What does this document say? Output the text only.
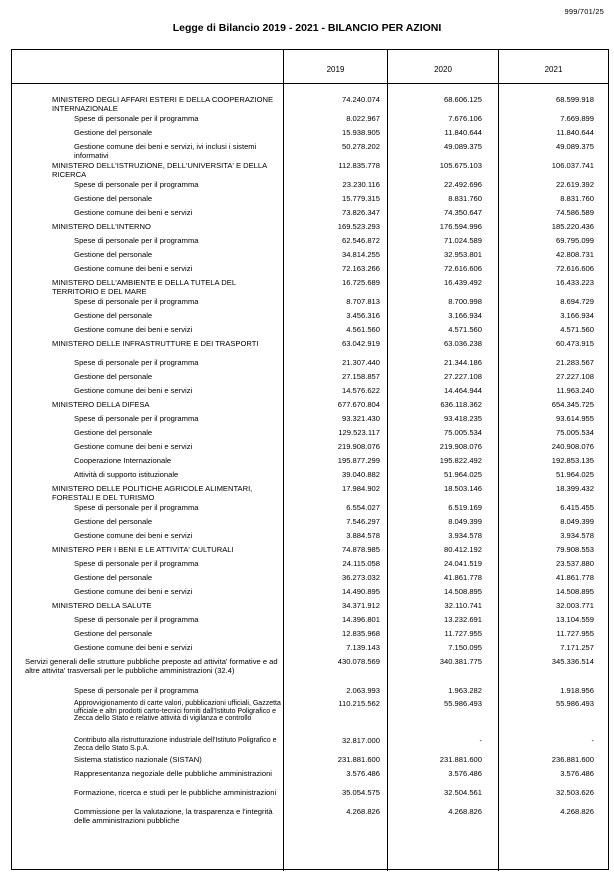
999/701/25
Legge di Bilancio 2019 - 2021 - BILANCIO PER AZIONI
2019	2020	2021
MINISTERO DEGLI AFFARI ESTERI E DELLA COOPERAZIONE INTERNAZIONALE
74.240.074	68.606.125	68.599.918
Spese di personale per il programma	8.022.967	7.676.106	7.669.899
Gestione del personale	15.938.905	11.840.644	11.840.644
Gestione comune dei beni e servizi, ivi inclusi i sistemi informativi
50.278.202	49.089.375	49.089.375
MINISTERO DELL'ISTRUZIONE, DELL'UNIVERSITA' E DELLA RICERCA
112.835.778	105.675.103	106.037.741
Spese di personale per il programma	23.230.116	22.492.696	22.619.392
Gestione del personale	15.779.315	8.831.760	8.831.760
Gestione comune dei beni e servizi	73.826.347	74.350.647	74.586.589
MINISTERO DELL'INTERNO	169.523.293	176.594.996	185.220.436
Spese di personale per il programma	62.546.872	71.024.589	69.795.099
Gestione del personale	34.814.255	32.953.801	42.808.731
Gestione comune dei beni e servizi	72.163.266	72.616.606	72.616.606
MINISTERO DELL'AMBIENTE E DELLA TUTELA DEL TERRITORIO E DEL MARE
16.725.689	16.439.492	16.433.223
Spese di personale per il programma	8.707.813	8.700.998	8.694.729
Gestione del personale	3.456.316	3.166.934	3.166.934
Gestione comune dei beni e servizi	4.561.560	4.571.560	4.571.560
MINISTERO DELLE INFRASTRUTTURE E DEI TRASPORTI	63.042.919	63.036.238	60.473.915
Spese di personale per il programma	21.307.440	21.344.186	21.283.567
Gestione del personale	27.158.857	27.227.108	27.227.108
Gestione comune dei beni e servizi	14.576.622	14.464.944	11.963.240
MINISTERO DELLA DIFESA	677.670.804	636.118.362	654.345.725
Spese di personale per il programma	93.321.430	93.418.235	93.614.955
Gestione del personale	129.523.117	75.005.534	75.005.534
Gestione comune dei beni e servizi	219.908.076	219.908.076	240.908.076
Cooperazione Internazionale	195.877.299	195.822.492	192.853.135
Attività di supporto istituzionale	39.040.882	51.964.025	51.964.025
MINISTERO DELLE POLITICHE AGRICOLE ALIMENTARI, FORESTALI E DEL TURISMO
17.984.902	18.503.146	18.399.432
Spese di personale per il programma	6.554.027	6.519.169	6.415.455
Gestione del personale	7.546.297	8.049.399	8.049.399
Gestione comune dei beni e servizi	3.884.578	3.934.578	3.934.578
MINISTERO PER I BENI E LE ATTIVITA' CULTURALI	74.878.985	80.412.192	79.908.553
Spese di personale per il programma	24.115.058	24.041.519	23.537.880
Gestione del personale	36.273.032	41.861.778	41.861.778
Gestione comune dei beni e servizi	14.490.895	14.508.895	14.508.895
MINISTERO DELLA SALUTE	34.371.912	32.110.741	32.003.771
Spese di personale per il programma	14.396.801	13.232.691	13.104.559
Gestione del personale	12.835.968	11.727.955	11.727.955
Gestione comune dei beni e servizi	7.139.143	7.150.095	7.171.257
Servizi generali delle strutture pubbliche preposte ad attivita' formative e ad altre attivita' trasversali per le pubbliche amministrazioni (32.4)
430.078.569	340.381.775	345.336.514
Spese di personale per il programma	2.063.993	1.963.282	1.918.956
Approvvigionamento di carte valori, pubblicazioni ufficiali, Gazzetta ufficiale e altri prodotti carto-tecnici forniti dall'Istituto Poligrafico e Zecca dello Stato e relative attività di vigilanza e controllo
110.215.562	55.986.493	55.986.493
Contributo alla ristrutturazione industriale dell'Istituto Poligrafico e Zecca dello Stato S.p.A.
32.817.000	-	-
Sistema statistico nazionale (SISTAN)	231.881.600	231.881.600	236.881.600
Rappresentanza negoziale delle pubbliche amministrazioni	3.576.486	3.576.486	3.576.486
Formazione, ricerca e studi per le pubbliche amministrazioni	35.054.575	32.504.561	32.503.626
Commissione per la valutazione, la trasparenza e l'integrità delle amministrazioni pubbliche
4.268.826	4.268.826	4.268.826
